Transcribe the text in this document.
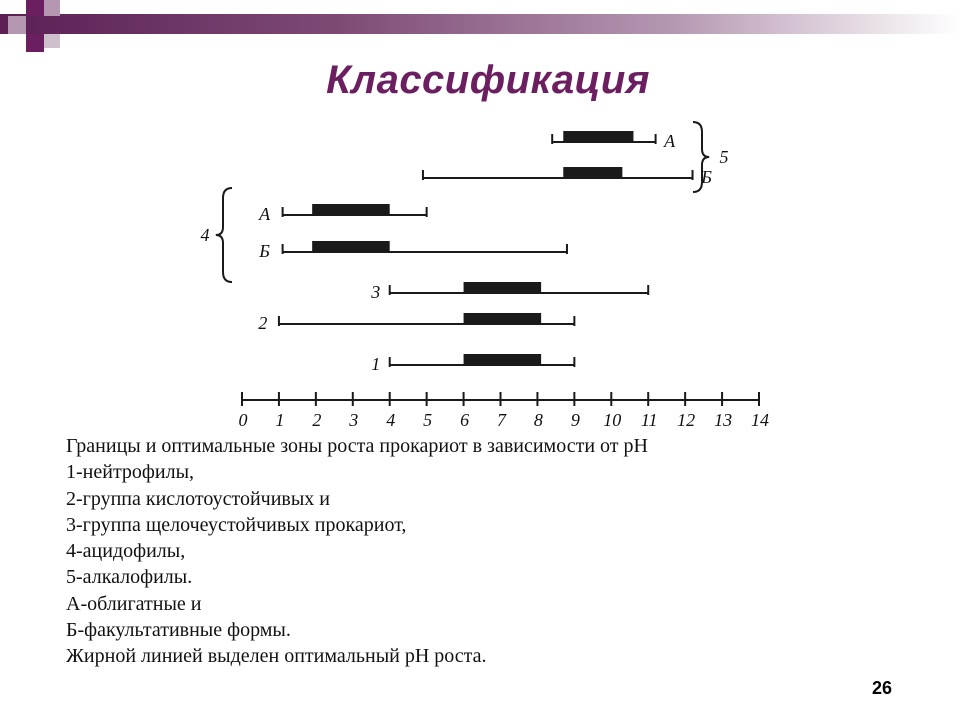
Классификация
0 1 2 3 4 5 6 7 8 9 10 11 12 13 14
А
Б
А
Б
3
2
1
5
4
Границы и оптимальные зоны роста прокариот в зависимости от pH
1-нейтрофилы,
2-группа кислотоустойчивых и
3-группа щелочеустойчивых прокариот,
4-ацидофилы,
5-алкалофилы.
А-облигатные и
Б-факультативные формы.
Жирной линией выделен оптимальный pH роста.
26
